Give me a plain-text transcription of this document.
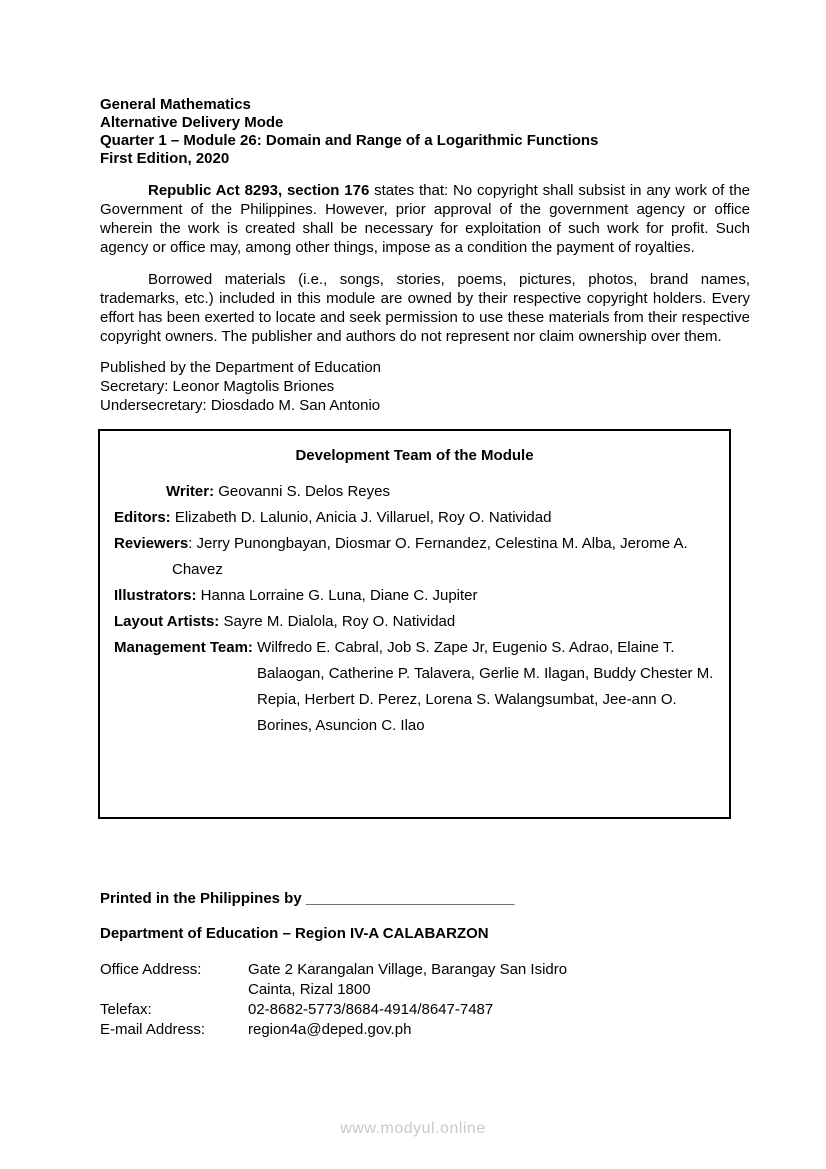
General Mathematics
Alternative Delivery Mode
Quarter 1 – Module 26: Domain and Range of a Logarithmic Functions
First Edition, 2020

Republic Act 8293, section 176 states that: No copyright shall subsist in any work of the Government of the Philippines. However, prior approval of the government agency or office wherein the work is created shall be necessary for exploitation of such work for profit. Such agency or office may, among other things, impose as a condition the payment of royalties.

Borrowed materials (i.e., songs, stories, poems, pictures, photos, brand names, trademarks, etc.) included in this module are owned by their respective copyright holders. Every effort has been exerted to locate and seek permission to use these materials from their respective copyright owners. The publisher and authors do not represent nor claim ownership over them.

Published by the Department of Education
Secretary: Leonor Magtolis Briones
Undersecretary: Diosdado M. San Antonio
Development Team of the Module

Writer: Geovanni S. Delos Reyes

Editors: Elizabeth D. Lalunio, Anicia J. Villaruel, Roy O. Natividad

Reviewers: Jerry Punongbayan, Diosmar O. Fernandez, Celestina M. Alba, Jerome A. Chavez

Illustrators: Hanna Lorraine G. Luna, Diane C. Jupiter

Layout Artists: Sayre M. Dialola, Roy O. Natividad

Management Team: Wilfredo E. Cabral, Job S. Zape Jr, Eugenio S. Adrao, Elaine T. Balaogan, Catherine P. Talavera, Gerlie M. Ilagan, Buddy Chester M. Repia, Herbert D. Perez, Lorena S. Walangsumbat, Jee-ann O. Borines, Asuncion C. Ilao

Printed in the Philippines by _________________________
Department of Education – Region IV-A CALABARZON
Office Address:	Gate 2 Karangalan Village, Barangay San Isidro
Cainta, Rizal 1800
Telefax:	02-8682-5773/8684-4914/8647-7487
E-mail Address:	region4a@deped.gov.ph
www.modyul.online
